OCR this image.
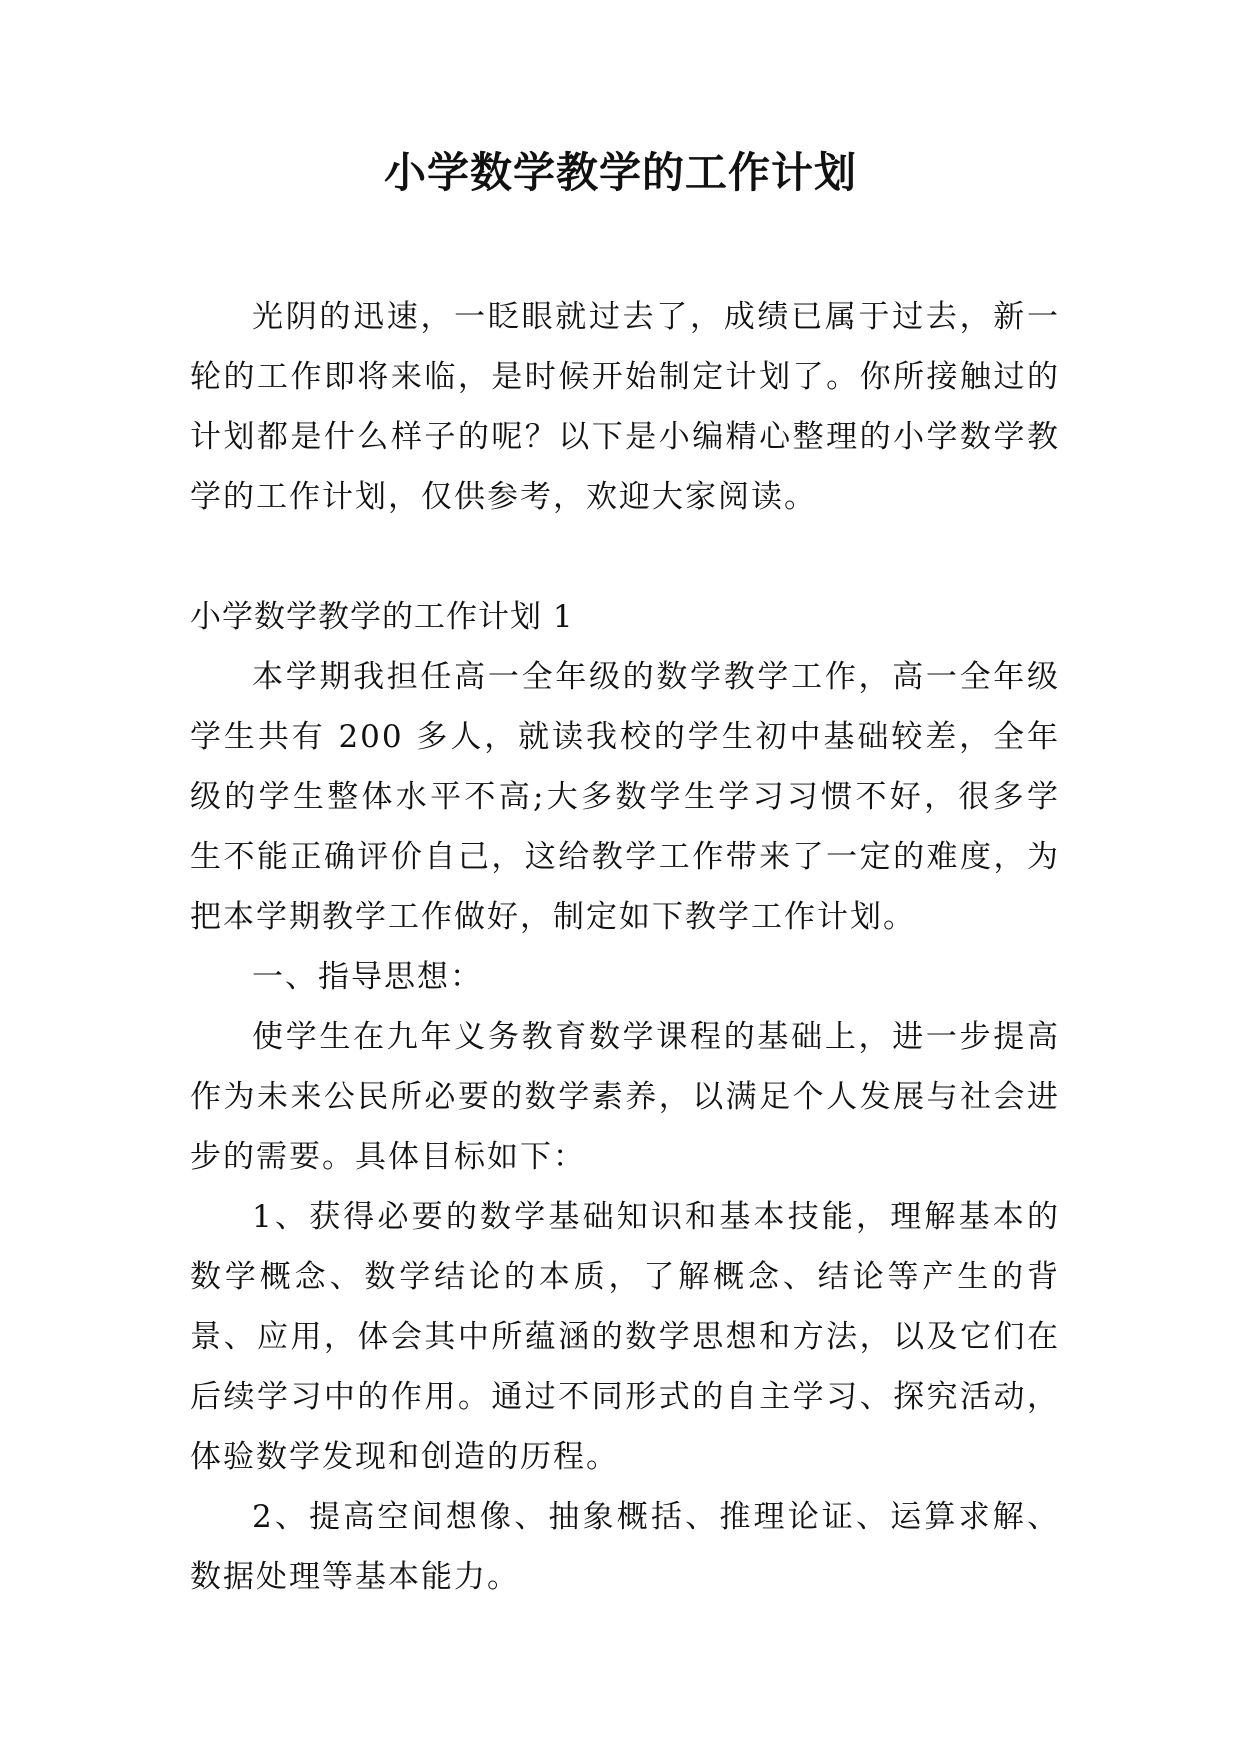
小学数学教学的工作计划

光阴的迅速，一眨眼就过去了，成绩已属于过去，新一轮的工作即将来临，是时候开始制定计划了。你所接触过的计划都是什么样子的呢？以下是小编精心整理的小学数学教学的工作计划，仅供参考，欢迎大家阅读。

小学数学教学的工作计划 1

本学期我担任高一全年级的数学教学工作，高一全年级学生共有 200 多人，就读我校的学生初中基础较差，全年级的学生整体水平不高;大多数学生学习习惯不好，很多学生不能正确评价自己，这给教学工作带来了一定的难度，为把本学期教学工作做好，制定如下教学工作计划。

一、指导思想：

使学生在九年义务教育数学课程的基础上，进一步提高作为未来公民所必要的数学素养，以满足个人发展与社会进步的需要。具体目标如下：

1、获得必要的数学基础知识和基本技能，理解基本的数学概念、数学结论的本质，了解概念、结论等产生的背景、应用，体会其中所蕴涵的数学思想和方法，以及它们在后续学习中的作用。通过不同形式的自主学习、探究活动，体验数学发现和创造的历程。

2、提高空间想像、抽象概括、推理论证、运算求解、数据处理等基本能力。
